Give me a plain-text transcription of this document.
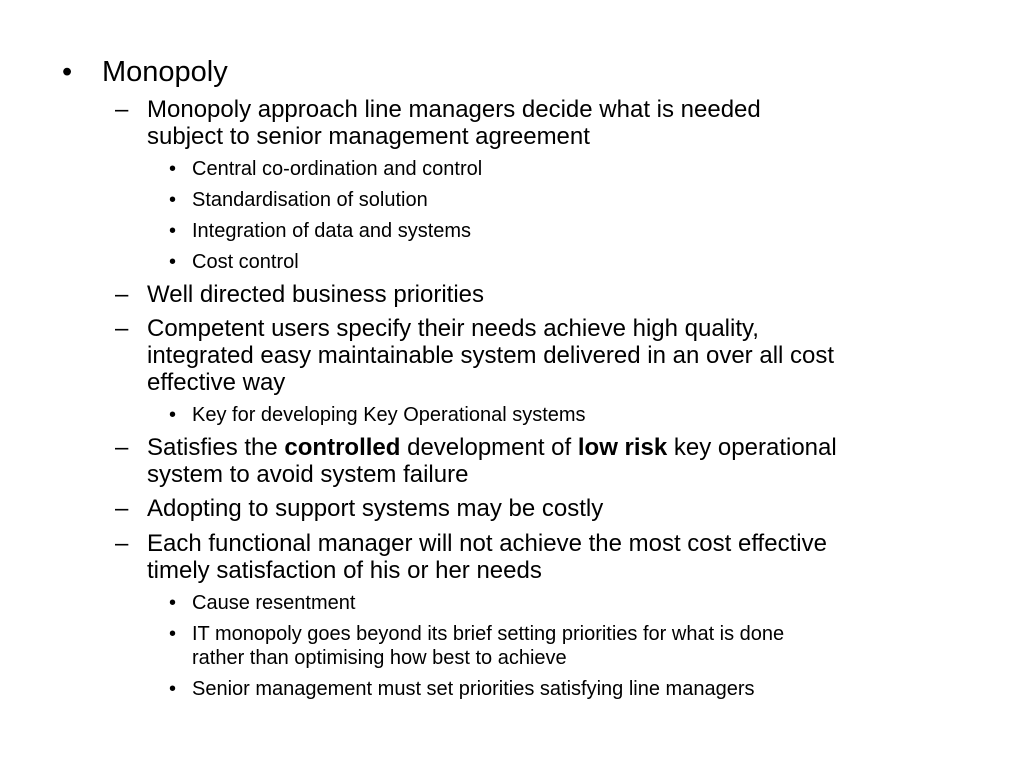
• Monopoly
– Monopoly approach line managers decide what is needed
subject to senior management agreement
• Central co-ordination and control
• Standardisation of solution
• Integration of data and systems
• Cost control
– Well directed business priorities
– Competent users specify their needs achieve high quality,
integrated easy maintainable system delivered in an over all cost
effective way
• Key for developing Key Operational systems
– Satisfies the controlled development of low risk key operational
system to avoid system failure
– Adopting to support systems may be costly
– Each functional manager will not achieve the most cost effective
timely satisfaction of his or her needs
• Cause resentment
• IT monopoly goes beyond its brief setting priorities for what is done
rather than optimising how best to achieve
• Senior management must set priorities satisfying line managers
